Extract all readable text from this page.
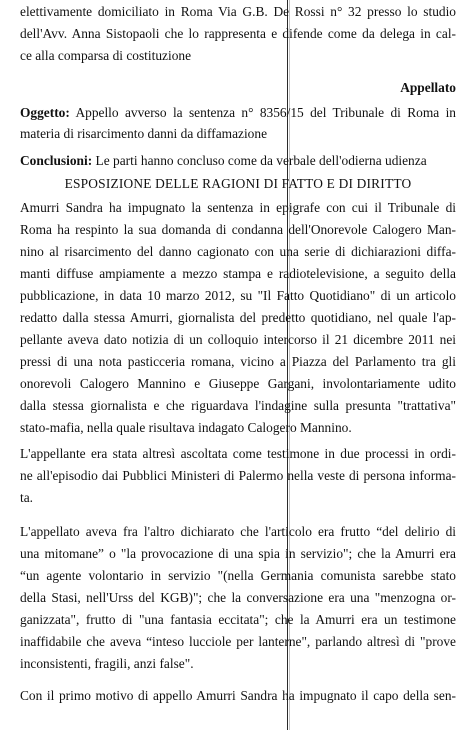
elettivamente domiciliato in Roma Via G.B. De Rossi n° 32 presso lo studio
dell'Avv. Anna Sistopaoli che lo rappresenta e difende come da delega in cal-
ce alla comparsa di costituzione
Appellato
Oggetto: Appello avverso la sentenza n° 8356/15 del Tribunale di Roma in
materia di risarcimento danni da diffamazione
Conclusioni: Le parti hanno concluso come da verbale dell'odierna udienza
ESPOSIZIONE DELLE RAGIONI DI FATTO E DI DIRITTO
Amurri Sandra ha impugnato la sentenza in epigrafe con cui il Tribunale di
Roma ha respinto la sua domanda di condanna dell'Onorevole Calogero Man-
nino al risarcimento del danno cagionato con una serie di dichiarazioni diffa-
manti diffuse ampiamente a mezzo stampa e radiotelevisione, a seguito della
pubblicazione, in data 10 marzo 2012, su "Il Fatto Quotidiano" di un articolo
redatto dalla stessa Amurri, giornalista del predetto quotidiano, nel quale l'ap-
pellante aveva dato notizia di un colloquio intercorso il 21 dicembre 2011 nei
pressi di una nota pasticceria romana, vicino a Piazza del Parlamento tra gli
onorevoli Calogero Mannino e Giuseppe Gargani, involontariamente udito
dalla stessa giornalista e che riguardava l'indagine sulla presunta "trattativa"
stato-mafia, nella quale risultava indagato Calogero Mannino.
L'appellante era stata altresì ascoltata come testimone in due processi in ordi-
ne all'episodio dai Pubblici Ministeri di Palermo nella veste di persona informa-
ta.
L'appellato aveva fra l'altro dichiarato che l'articolo era frutto “del delirio di
una mitomane” o "la provocazione di una spia in servizio"; che la Amurri era
“un agente volontario in servizio "(nella Germania comunista sarebbe stato
della Stasi, nell'Urss del KGB)"; che la conversazione era una "menzogna or-
ganizzata", frutto di "una fantasia eccitata"; che la Amurri era un testimone
inaffidabile che aveva “inteso lucciole per lanterne", parlando altresì di "prove
inconsistenti, fragili, anzi false".
Con il primo motivo di appello Amurri Sandra ha impugnato il capo della sen-
